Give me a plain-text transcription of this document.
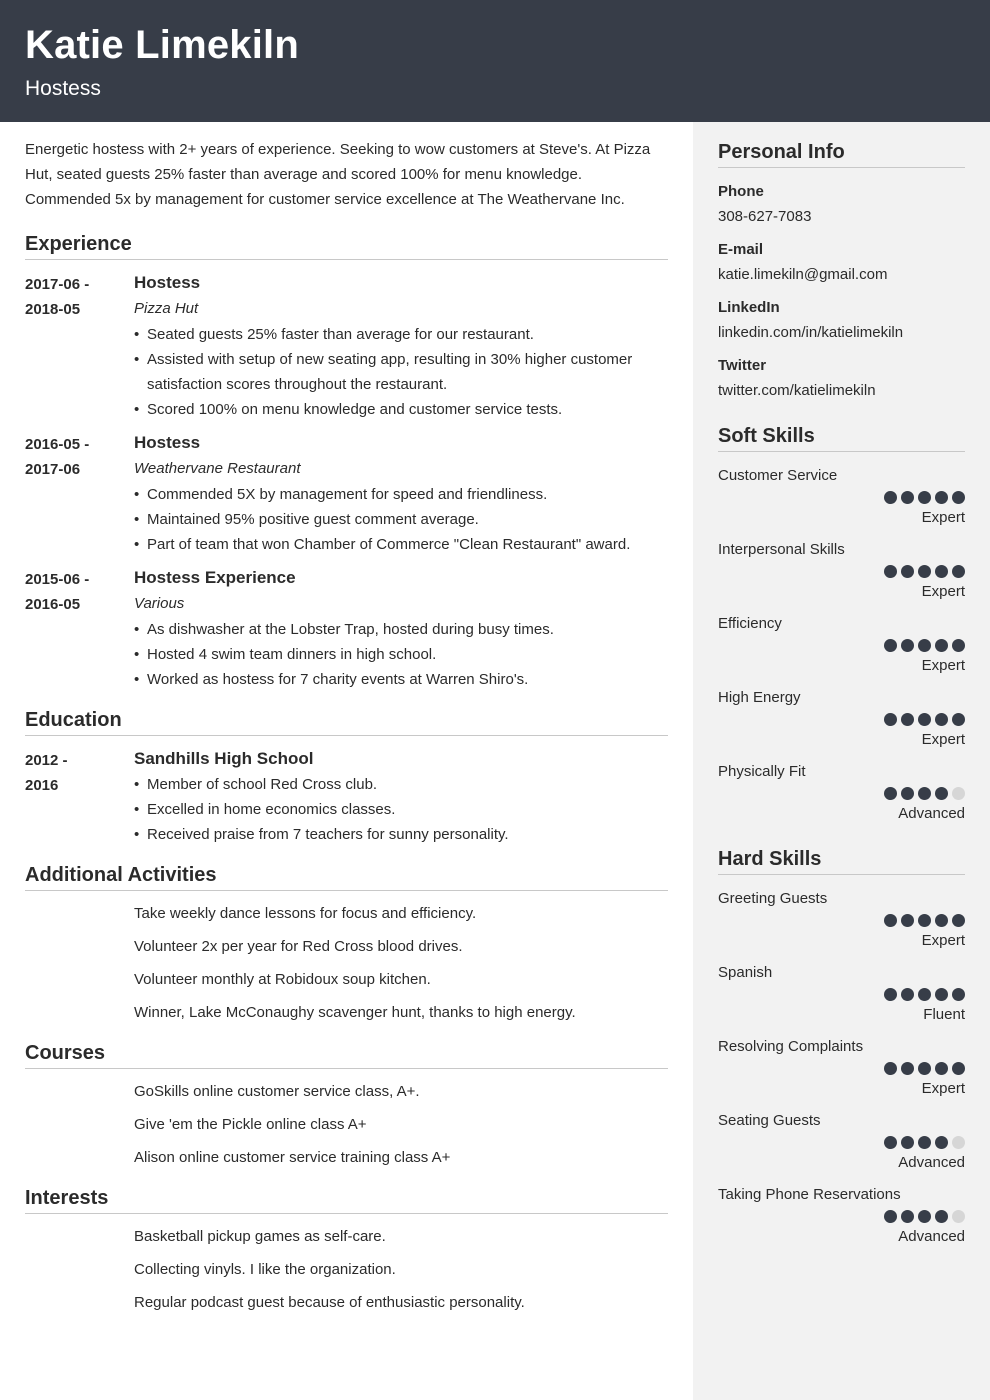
Katie Limekiln
Hostess
Energetic hostess with 2+ years of experience. Seeking to wow customers at Steve's. At Pizza Hut, seated guests 25% faster than average and scored 100% for menu knowledge. Commended 5x by management for customer service excellence at The Weathervane Inc.
Experience
2017-06 -
2018-05
Hostess
Pizza Hut
• Seated guests 25% faster than average for our restaurant.
• Assisted with setup of new seating app, resulting in 30% higher customer satisfaction scores throughout the restaurant.
• Scored 100% on menu knowledge and customer service tests.
2016-05 -
2017-06
Hostess
Weathervane Restaurant
• Commended 5X by management for speed and friendliness.
• Maintained 95% positive guest comment average.
• Part of team that won Chamber of Commerce "Clean Restaurant" award.
2015-06 -
2016-05
Hostess Experience
Various
• As dishwasher at the Lobster Trap, hosted during busy times.
• Hosted 4 swim team dinners in high school.
• Worked as hostess for 7 charity events at Warren Shiro's.
Education
2012 -
2016
Sandhills High School
• Member of school Red Cross club.
• Excelled in home economics classes.
• Received praise from 7 teachers for sunny personality.
Additional Activities
Take weekly dance lessons for focus and efficiency.
Volunteer 2x per year for Red Cross blood drives.
Volunteer monthly at Robidoux soup kitchen.
Winner, Lake McConaughy scavenger hunt, thanks to high energy.
Courses
GoSkills online customer service class, A+.
Give 'em the Pickle online class A+
Alison online customer service training class A+
Interests
Basketball pickup games as self-care.
Collecting vinyls. I like the organization.
Regular podcast guest because of enthusiastic personality.
Personal Info
Phone
308-627-7083
E-mail
katie.limekiln@gmail.com
LinkedIn
linkedin.com/in/katielimekiln
Twitter
twitter.com/katielimekiln
Soft Skills
Customer Service
Expert
Interpersonal Skills
Expert
Efficiency
Expert
High Energy
Expert
Physically Fit
Advanced
Hard Skills
Greeting Guests
Expert
Spanish
Fluent
Resolving Complaints
Expert
Seating Guests
Advanced
Taking Phone Reservations
Advanced
